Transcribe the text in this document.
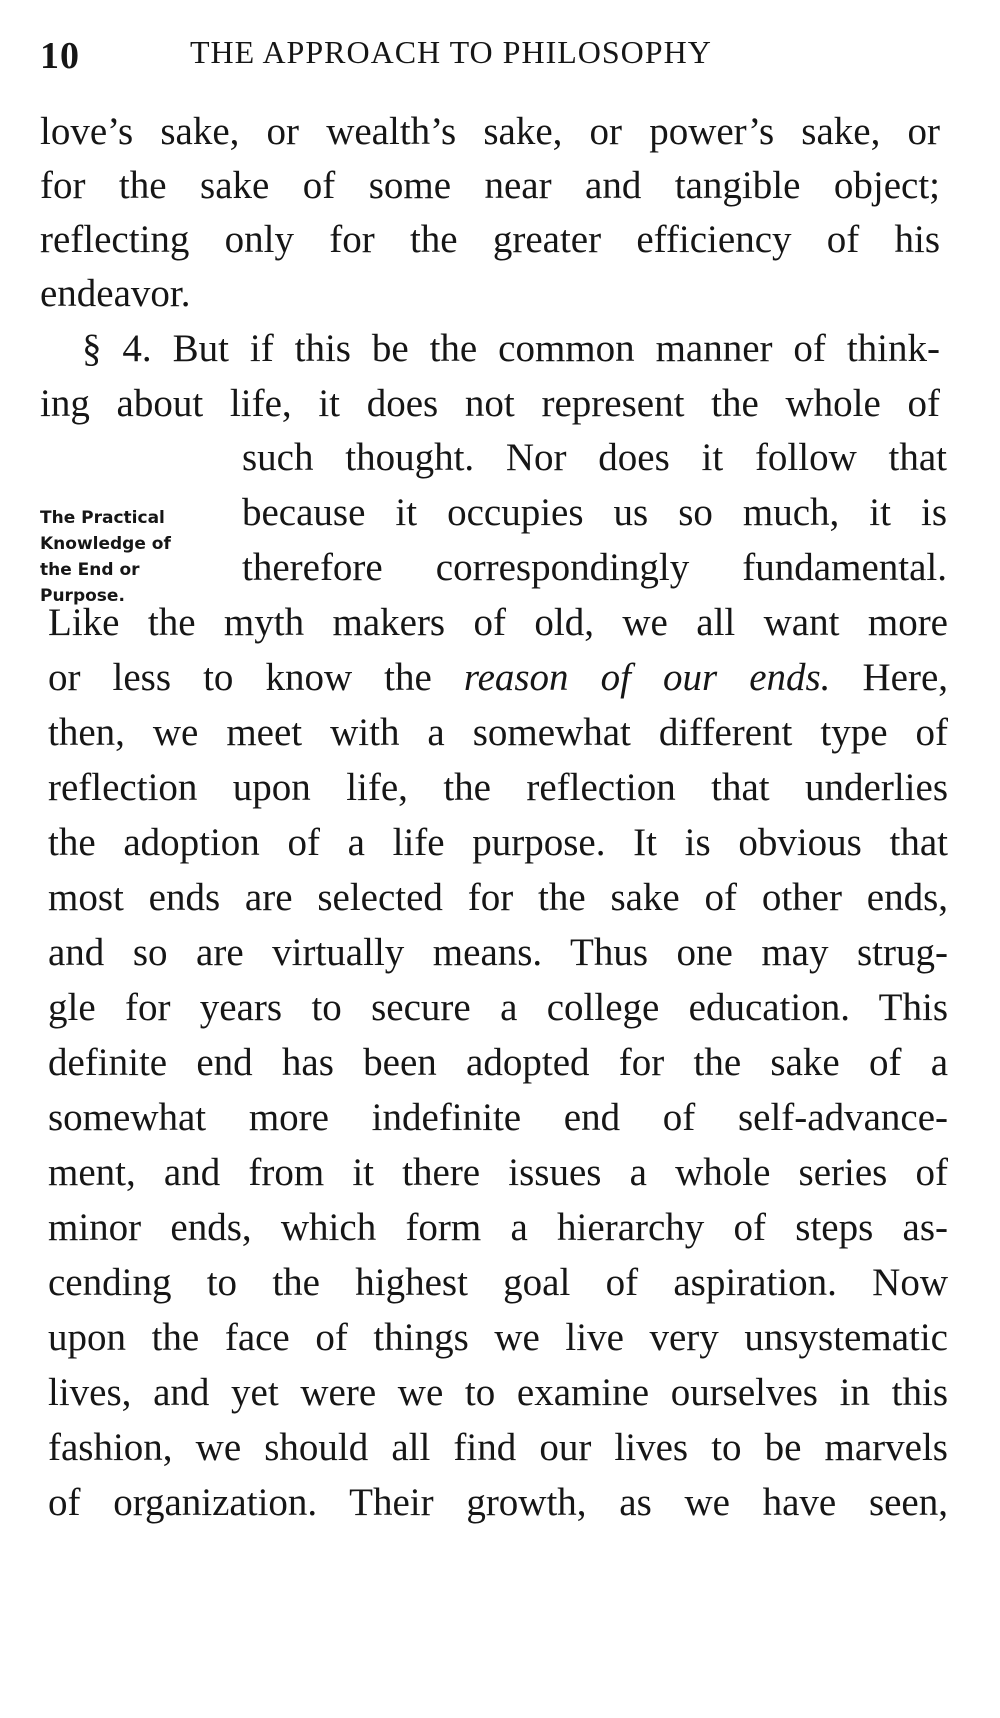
10	THE APPROACH TO PHILOSOPHY
love’s sake, or wealth’s sake, or power’s sake, or
for the sake of some near and tangible object;
reflecting only for the greater efficiency of his
endeavor.
§ 4. But if this be the common manner of think-
ing about life, it does not represent the whole of
The Practical
Knowledge of
the End or
Purpose.
such thought. Nor does it follow that
because it occupies us so much, it is
therefore correspondingly fundamental.
Like the myth makers of old, we all want more
or less to know the reason of our ends. Here,
then, we meet with a somewhat different type of
reflection upon life, the reflection that underlies
the adoption of a life purpose. It is obvious that
most ends are selected for the sake of other ends,
and so are virtually means. Thus one may strug-
gle for years to secure a college education. This
definite end has been adopted for the sake of a
somewhat more indefinite end of self-advance-
ment, and from it there issues a whole series of
minor ends, which form a hierarchy of steps as-
cending to the highest goal of aspiration. Now
upon the face of things we live very unsystematic
lives, and yet were we to examine ourselves in this
fashion, we should all find our lives to be marvels
of organization. Their growth, as we have seen,
